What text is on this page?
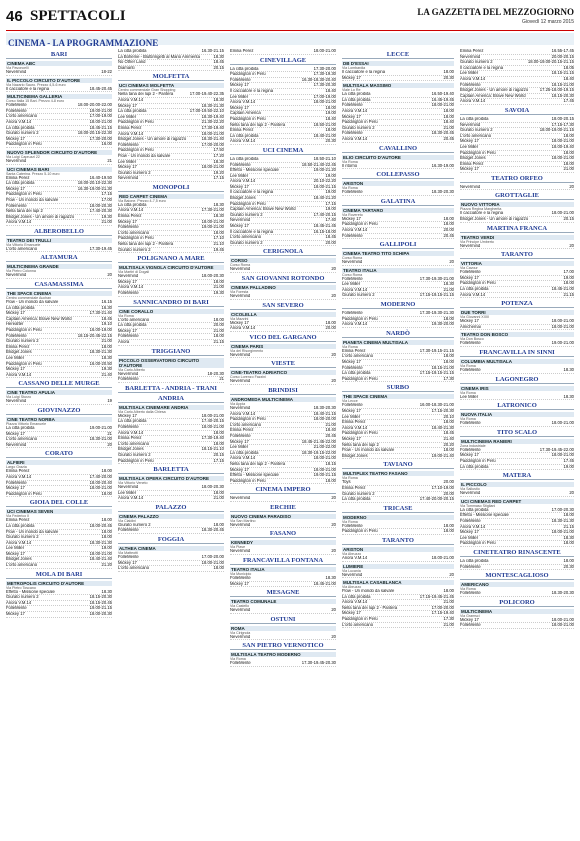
46 SPETTACOLI	LA GAZZETTA DEL MEZZOGIORNO
Giovedì 12 marzo 2015
CINEMA - LA PROGRAMMAZIONE
BARI
CINEMA ABC
Via Pavoncelli
Nevermind	18-22
IL PICCOLO CIRCUITO D'AUTORE
Via Nazario Sauro. Prezzo 4,5-6 euro
Il cacciatore e la regina	18.45-20.45
MULTICINEMA GALLERIA
Corso Italia 15 Bari. Prezzo 4-8 euro
FolleMente	18.00-20.00-22.00
FolleMente	19.00-21.00
L'orto americano	17.00-19.00
Anora V.M.14	18.00-21.00
La città proibita	18.45-21.15
Giurato numero 2	18.00-20.15-22.30
Mickey 17	17.30-20.00
Paddington in Perù	16.00
NUOVO SPLENDOR CIRCUITO D'AUTORE
Via Luigi Capruzzi 22
Nevermind	21
UCI CINEMAS BARI
Santa Caterina. Prezzo 5-10 euro
Emilia Perez	16.40-19.50
La città proibita	18.00-20.10-22.30
Mickey 17	16.30-19.00-21.30
Paddington in Perù	17.15
Flow - Un mondo da salvare	17.00
Follemente	18.00-20.30
Nella tana dei lupi 2	17.40-20.30
Bridget Jones - Un amore di ragazzo	19.30
Anora V.M.14	21.00
ALBEROBELLO
TEATRO DEI TRULLI
Via Vittorio Emanuele
L'orto americano	17.30-19.45
ALTAMURA
MULTICINEMA GRANDE
Via Pietro Colonna
Nevermind	20
CASAMASSIMA
THE SPACE CINEMA
Centro commerciale Auchan
Flow - Un mondo da salvare	16.15
La città proibita	16.30
Mickey 17	17.30-21.40
Captain America: Brave New World	18.45
Hereafter	19.10
Paddington in Perù	16.00-19.00
FolleMente	18.15-20.45-22.15
Giurato numero 2	21.00
Emilia Perez	18.00
Bridget Jones	18.30-21.30
Lee Miller	18.30
Paddington in Perù	16.00-20.50
Mickey 17	19.30
Anora V.M.14	21.40
CASSANO DELLE MURGE
CINE TEATRO APULIA
Via Luigi Sturzo
Nevermind	19
GIOVINAZZO
CINE TEATRO NORBA
Piazza Vittorio Emanuele
La città proibita	19.00-21.00
Mickey 17	21
L'orto americano	18.30-21.00
Nevermind	20
CORATO
ALFIERI
Largo Grazia
Emilia Perez	18.00
Anora V.M.14	17.40-20.00
FolleMente	18.00-20.40
Mickey 17	18.00-21.00
Paddington in Perù	18.00
GIOIA DEL COLLE
UCI CINEMAS SEVEN
Via Federico II
Emilia Perez	18.00
La città proibita	18.00-20.45
Flow - Un mondo da salvare	18.00
Giurato numero 2	18.00
Anora V.M.14	18.30-21.30
Lee Miller	19.00
Mickey 17	18.00-21.00
Bridget Jones	18.40-21.40
L'orto americano	21.20
MOLA DI BARI
METROPOLIS CIRCUITO D'AUTORE
Via Pietro Toscano
Effetto - Missione speciale	18.30
Giurato numero 2	18.15-20.30
Anora V.M.14	18.15-20.45
FolleMente	19.00-21.15
Mickey 17	18.00-20.30
La città proibita	16.30-21.15
La Bohème - Bluttiringetti al Mario Ammenta	18.30
No Other Land	18.45
Diamanti	20.15
MOLFETTA
UCI CINEMAS MOLFETTA
Centro commerciale Gran Shopping
Nella tana dei lupi 2 - Pantera	17.00-19.40-22.35
Anora V.M.14	18.30
Mickey 17	18.30-21.30
La città proibita	17.00-19.50-22.10
Lee Miller	18.30-19.40
Paddington in Perù	21.30-22.20
Emilia Perez	17.30-19.40
Anora V.M.14	18.00-21.00
Bridget Jones - Un amore di ragazzo	18.30-21.40
FolleMente	17.00-20.00
Paddington in Perù	17.50
Flow - Un mondo da salvare	17.20
Lee Miller	18.30
Mickey 17	18.00-21.00
Giurato numero 2	19.20
Nevermind	17.15
MONOPOLI
RED CARPET CINEMA
Via Baione. Prezzo 4-7,5 euro
La città proibita	18.30
Anora V.M.14	17.30-21.00
Emilia Perez	18.30
Mickey 17	18.00-21.00
FolleMente	19.00-21.00
L'orto americano	18.00
Paddington in Perù	17.10
Nella tana dei lupi 2 - Pantera	21.10
Giurato numero 2	19.45
POLIGNANO A MARE
MULTISALA VIGNOLA CIRCUITO D'AUTORE
Via Martiri di Dogali
Nevermind	18.00-20.30
Mickey 17	18.00
Anora V.M.14	21.00
FolleMente	19.30
SANNICANDRO DI BARI
CINE CORALLO
Via Roma
L'orto americano	18.00
La città proibita	20.00
Mickey 17	21.00
FolleMente	18.00
Anora	21.15
TRIGGIANO
PICCOLO OSSERVATORIO CIRCUITO D'AUTORE
Via Carlo Alberto
Nevermind	18-20.30
FolleMente	21
BARLETTA - ANDRIA - TRANI
ANDRIA
MULTISALA CINEMARE ANDRIA
Via Carlo Alberto dalla Chiesa
Mickey 17	18.00-21.00
La città proibita	17.40-20.15
FolleMente	18.00-21.00
Anora V.M.14	18.00
Emilia Perez	17.30-19.40
L'orto americano	18.00
Bridget Jones	18.15-21.10
Giurato numero 2	20.15
Paddington in Perù	17.15
BARLETTA
MULTISALA OPERA CIRCUITO D'AUTORE
Via Vittorio Veneto
Nevermind	18.00-20.30
Lee Miller	18.00
Anora V.M.14	21.00
PALAZZO
CINEMA PALAZZO
Via Cialdini
Giurato numero 2	18.00
FolleMente	18.30-20.45
FOGGIA
ALTHEA CINEMA
Via Matteotti
FolleMente	17.00-20.00
Mickey 17	18.00-21.00
L'orto americano	18.00
Emilia Perez	18.00-21.00
CINEVILLAGE
La città proibita	17.30-20.00
Paddington in Perù	17.30-19.30
FolleMente	16.30-18.30-20.40
Mickey 17	17.30-20.30
Il cacciatore e la regina	18.40
Lee Miller	17.00-19.00
Anora V.M.14	18.00-21.00
Mickey 17	18.00
Captain America	19.00
Paddington in Perù	18.40
Nella tana dei lupi 2 - Pantera	18.50-21.00
Emilia Perez	18.00
La città proibita	18.40-21.00
Anora V.M.14	20.30
UCI CINEMA
La città proibita	18.50-21.10
FolleMente	18.50-21.40-22.45
Effetto - Missione speciale	19.00-21.20
Lee Miller	19.00
Anora V.M.14	20.10-22.20
Mickey 17	18.00-21.15
Il cacciatore e la regina	19.00
Bridget Jones	18.40-21.20
Paddington in Perù	17.15
Captain America: Brave New World	19.00
Giurato numero 2	17.40-20.15
Nevermind	17.40
Mickey 17	18.45-21.45
Il cacciatore e la regina	16.15-18.00
L'orto americano	18.45
Giurato numero 2	20.00
CERIGNOLA
CORSO
Corso Roma
Nevermind	20
SAN GIOVANNI ROTONDO
CINEMA PALLADINO
Via Foresta
Nevermind	20
SAN SEVERO
CICOLELLA
Via Mazzini
Mickey 17	18.00
Anora V.M.14	20.00
VICO DEL GARGANO
CINEMA PARIS
Via del Risorgimento
Nevermind	20
VIESTE
CINE-TEATRO ADRIATICO
Corso Lorenzo Fazzini
Nevermind	20
BRINDISI
ANDROMEDA MULTICINEMA
Via Appia
Nevermind	18.30-20.30
Anora V.M.14	18.40-21.15
Paddington in Perù	18.00-20.00
L'orto americano	21.00
Emilia Perez	18.40
FolleMente	20.45
Mickey 17	18.45-21.45-22.00
Lee Miller	21.00-22.00
La città proibita	18.30-19.15-22.00
Anora V.M.14	18.00-21.00
Nella tana dei lupi 2 - Pantera	18.15
Mickey 17	18.00-21.00
Effetto - Missione speciale	19.00-21.15
Paddington in Perù	18.00
CINEMA IMPERO
Nevermind	20
ERCHIE
NUOVO CINEMA PARADISO
Via San Martino
Nevermind	20
FASANO
KENNEDY
Via Piave
Nevermind	20
FRANCAVILLA FONTANA
TEATRO ITALIA
Via Municipio
FolleMente	18.30
Mickey 17	18.45-21.00
MESAGNE
TEATRO COMUNALE
Via Castello
Nevermind	20
OSTUNI
ROMA
Via Cirignola
Nevermind	20
SAN PIETRO VERNOTICO
MULTISALA TEATRO MODERNO
Via Roma
FolleMente	17.30-19.45-20.30
LECCE
DB D'ESSAI
Via Lombardia
Il cacciatore e la regina	18.00
Mickey 17	20.30
MULTISALA MASSIMO
Viale Lo Re
La città proibita	16.50-19.40
La città proibita	16.45-19.45
FolleMente	18.00-21.00
Anora V.M.14	18.00
Mickey 17	18.00
Paddington in Perù	18.40
Giurato numero 2	21.00
FolleMente	18.30-20.45
Anora V.M.14	20.45
CAVALLINO
ELIO CIRCUITO D'AUTORE
Via Roma
Il ritorno	16.30-19.00
COLLEPASSO
ARISTON
Via Roma
FolleMente	18.30-20.30
GALATINA
CINEMA TARTARO
Via Rovereto
Mickey 17	18.00
Paddington in Perù	18.00
Anora V.M.14	20.00
FolleMente	20.45
GALLIPOLI
CINEMA TEATRO TITO SCHIPA
Corso Roma
Nevermind	20
TEATRO ITALIA
Corso Roma
FolleMente	17.30-19.30-21.00
Lee Miller	18.30
Anora V.M.14	21.00
Giurato numero 2	17.15-19.15-21.15
MODERNO
FolleMente	17.30-19.30-21.30
Paddington in Perù	18.00
Anora V.M.14	19.30-20.00
NARDÒ
PIANETA CINEMA MULTISALA
Via Roma
Emilia Perez	17.30-19.15-21.15
L'orto americano	18.00
Mickey 17	18.00
FolleMente	18.15-21.00
La città proibita	17.15-19.15-21.15
Paddington in Perù	17.30
SURBO
THE SPACE CINEMA
Via Lecce
FolleMente	16.00-18.30-21.00
Mickey 17	17.15-20.30
Lee Miller	20.10
Emilia Perez	18.00
Anora V.M.14	18.40-21.30
Paddington in Perù	18.45
Mickey 17	21.40
Nella tana dei lupi 2	20.20
Flow - Un mondo da salvare	18.00
Bridget Jones	19.00-21.40
TAVIANO
MULTIPLEX TEATRO FASANO
Via Roma
Toys	20.00
Emilia Perez	17.10-19.00
Giurato numero 2	20.00
La città proibita	17.40-20.00-20.15
TRICASE
MODERNO
Via Roma
FolleMente	18.00
Paddington in Perù	18.00
TARANTO
ARISTON
Via Abruzzo
Anora V.M.14	18.00-21.00
LUMIERE
Via Lucania
Nevermind	20
MULTISALA CASABLANCA
Via Abruzzo
Flow - Un mondo da salvare	18.00
La città proibita	17.15-19.45-21.45
Anora V.M.14	21.00
Nella tana dei lupi 2 - Pantera	17.00-20.00
Mickey 17	17.15-19.40
Paddington in Perù	17.30
L'orto americano	21.00
Emilia Perez	16.55-17.45
Nevermind	20.00-20.15
Giurato numero 2	18.00-19.00-20.15-21.15
Il cacciatore e la regina	18.05
Lee Miller	18.15-21.15
Anora V.M.14	18.40
FolleMente	18.15-21.00
Bridget Jones - Un amore di ragazzo	17.25-18.00-19.15
Captain America: Brave New World	18.15-20.30
Anora V.M.14	17.45
SAVOIA
La città proibita	18.00-20.15
Nevermind	17.15-17.30
Giurato numero 2	18.00-19.00-21.15
L'orto americano	18.00
Mickey 17	18.00-21.00
Lee Miller	18.00-19.40
Paddington in Perù	18.00
Bridget Jones	18.00-21.00
Emilia Perez	18.00
Mickey 17	21.00
TEATRO ORFEO
Nevermind	20
GROTTAGLIE
NUOVO VITTORIA
Piazza Regina Margherita
Il cacciatore e la regina	18.00-21.00
Bridget Jones - Un amore di ragazzo	20.15
MARTINA FRANCA
TEATRO VERDI
Via Principe Umberto
Nevermind	20
TARANTO
VITTORIA
Via Cavour
FolleMente	17.00
Mickey 17	19.00
Paddington in Perù	18.00
La città proibita	18.45-21.00
Anora V.M.14	21.15
POTENZA
DUE TORRI
Via Giovanni XXIII
Mickey 17	18.00-21.00
Amichemai	18.00-21.00
TEATRO DON BOSCO
Via Don Bosco
FolleMente	19.00-21.00
FRANCAVILLA IN SINNI
COLUMBIA MULTISALA
Via Roma
FolleMente	18.30
LAGONEGRO
CINEMA IRIS
Via Roma
Lee Miller	18.30
LATRONICO
NUOVA ITALIA
Via Roma
FolleMente	18.00-21.00
TITO SCALO
MULTICINEMA RANIERI
Zona industriale
FolleMente	17.30-19.45-22.00
Mickey 17	18.00-21.00
Paddington in Perù	17.45
La città proibita	19.00
MATERA
IL PICCOLO
Via Sallustio
Nevermind	20
UCI CINEMAS RED CARPET
Via Tommaso Stigliani
La città proibita	17.00-20.30
Effetto - Missione speciale	18.00
FolleMente	18.30-21.30
Anora V.M.14	21.15
Mickey 17	18.00-21.00
Lee Miller	18.30
Paddington in Perù	18.00
CINETEATRO RINASCENTE
La città proibita	18.00
FolleMente	20.30
MONTESCAGLIOSO
AMERICANO
Via Roma
FolleMente	18.30-20.30
POLICORO
MULTICINEMA
Via Gramsci
Mickey 17	18.00-21.00
FolleMente	18.00-21.00
